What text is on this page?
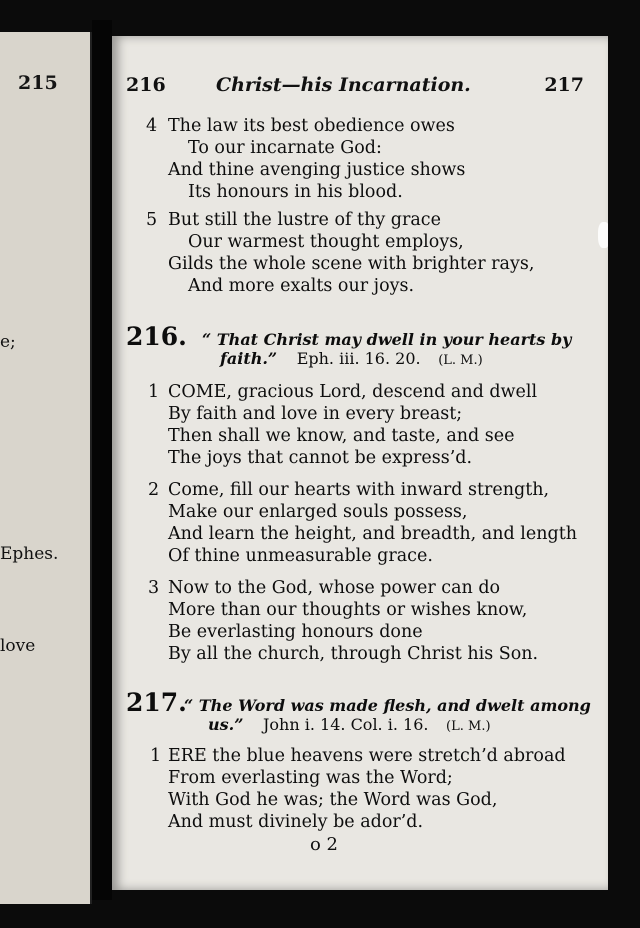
215
e;
Ephes.
love
216	Christ—his Incarnation.	217
4 The law its best obedience owes
To our incarnate God:
And thine avenging justice shows
Its honours in his blood.
5 But still the lustre of thy grace
Our warmest thought employs,
Gilds the whole scene with brighter rays,
And more exalts our joys.
216. “ That Christ may dwell in your hearts by
faith.” Eph. iii. 16. 20. (L. M.)
1 COME, gracious Lord, descend and dwell
By faith and love in every breast;
Then shall we know, and taste, and see
The joys that cannot be express’d.
2 Come, fill our hearts with inward strength,
Make our enlarged souls possess,
And learn the height, and breadth, and length
Of thine unmeasurable grace.
3 Now to the God, whose power can do
More than our thoughts or wishes know,
Be everlasting honours done
By all the church, through Christ his Son.
217.
“ The Word was made flesh, and dwelt among
us.” John i. 14. Col. i. 16. (L. M.)
1 ERE the blue heavens were stretch’d abroad
From everlasting was the Word;
With God he was; the Word was God,
And must divinely be ador’d.
o 2
